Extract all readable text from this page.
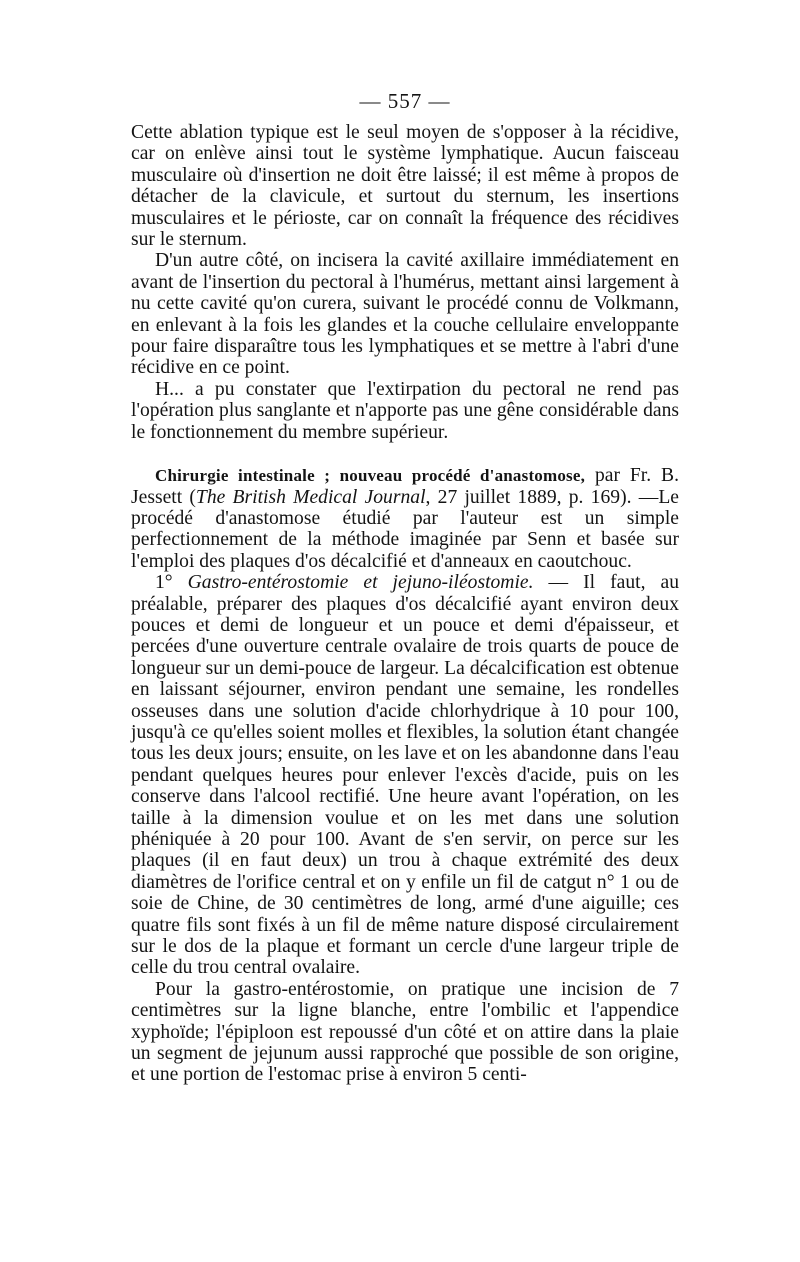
— 557 —

Cette ablation typique est le seul moyen de s'opposer à la récidive, car on enlève ainsi tout le système lymphatique. Aucun faisceau musculaire où d'insertion ne doit être laissé; il est même à propos de détacher de la clavicule, et surtout du sternum, les insertions musculaires et le périoste, car on connaît la fréquence des récidives sur le sternum.

D'un autre côté, on incisera la cavité axillaire immédiatement en avant de l'insertion du pectoral à l'humérus, mettant ainsi largement à nu cette cavité qu'on curera, suivant le procédé connu de Volkmann, en enlevant à la fois les glandes et la couche cellulaire enveloppante pour faire disparaître tous les lymphatiques et se mettre à l'abri d'une récidive en ce point.

H... a pu constater que l'extirpation du pectoral ne rend pas l'opération plus sanglante et n'apporte pas une gêne considérable dans le fonctionnement du membre supérieur.

Chirurgie intestinale ; nouveau procédé d'anastomose, par Fr. B. Jessett (The British Medical Journal, 27 juillet 1889, p. 169). —Le procédé d'anastomose étudié par l'auteur est un simple perfectionnement de la méthode imaginée par Senn et basée sur l'emploi des plaques d'os décalcifié et d'anneaux en caoutchouc.

1° Gastro-entérostomie et jejuno-iléostomie. — Il faut, au préalable, préparer des plaques d'os décalcifié ayant environ deux pouces et demi de longueur et un pouce et demi d'épaisseur, et percées d'une ouverture centrale ovalaire de trois quarts de pouce de longueur sur un demi-pouce de largeur. La décalcification est obtenue en laissant séjourner, environ pendant une semaine, les rondelles osseuses dans une solution d'acide chlorhydrique à 10 pour 100, jusqu'à ce qu'elles soient molles et flexibles, la solution étant changée tous les deux jours; ensuite, on les lave et on les abandonne dans l'eau pendant quelques heures pour enlever l'excès d'acide, puis on les conserve dans l'alcool rectifié. Une heure avant l'opération, on les taille à la dimension voulue et on les met dans une solution phéniquée à 20 pour 100. Avant de s'en servir, on perce sur les plaques (il en faut deux) un trou à chaque extrémité des deux diamètres de l'orifice central et on y enfile un fil de catgut n° 1 ou de soie de Chine, de 30 centimètres de long, armé d'une aiguille; ces quatre fils sont fixés à un fil de même nature disposé circulairement sur le dos de la plaque et formant un cercle d'une largeur triple de celle du trou central ovalaire.

Pour la gastro-entérostomie, on pratique une incision de 7 centimètres sur la ligne blanche, entre l'ombilic et l'appendice xyphoïde; l'épiploon est repoussé d'un côté et on attire dans la plaie un segment de jejunum aussi rapproché que possible de son origine, et une portion de l'estomac prise à environ 5 centi-
